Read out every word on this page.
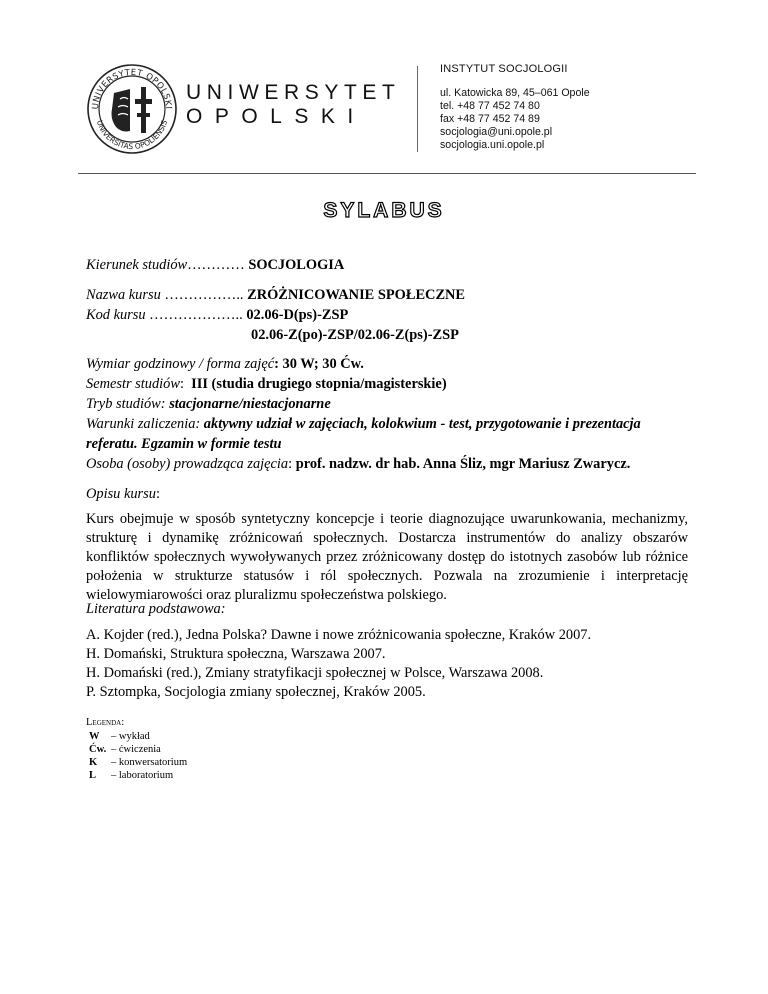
UNIVERSYTET OPOLSKI
UNIVERSITAS OPOLIENSIS
UNIWERSYTET
OPOLSKI
INSTYTUT SOCJOLOGII
ul. Katowicka 89, 45–061 Opole
tel. +48 77 452 74 80
fax +48 77 452 74 89
socjologia@uni.opole.pl
socjologia.uni.opole.pl
SYLABUS
Kierunek studiów………… SOCJOLOGIA
Nazwa kursu …………….. ZRÓŻNICOWANIE SPOŁECZNE
Kod kursu ……………….. 02.06-D(ps)-ZSP
02.06-Z(po)-ZSP/02.06-Z(ps)-ZSP
Wymiar godzinowy / forma zajęć: 30 W; 30 Ćw.
Semestr studiów:  III (studia drugiego stopnia/magisterskie)
Tryb studiów: stacjonarne/niestacjonarne
Warunki zaliczenia: aktywny udział w zajęciach, kolokwium - test, przygotowanie i prezentacja
referatu. Egzamin w formie testu
Osoba (osoby) prowadząca zajęcia: prof. nadzw. dr hab. Anna Śliz, mgr Mariusz Zwarycz.
Opisu kursu:
Kurs obejmuje w sposób syntetyczny koncepcje i teorie diagnozujące uwarunkowania, mechanizmy, strukturę i dynamikę zróżnicowań społecznych. Dostarcza instrumentów do analizy obszarów konfliktów społecznych wywoływanych przez zróżnicowany dostęp do istotnych zasobów lub różnice położenia w strukturze statusów i ról społecznych. Pozwala na zrozumienie i interpretację wielowymiarowości oraz pluralizmu społeczeństwa polskiego.
Literatura podstawowa:
A. Kojder (red.), Jedna Polska? Dawne i nowe zróżnicowania społeczne, Kraków 2007.
H. Domański, Struktura społeczna, Warszawa 2007.
H. Domański (red.), Zmiany stratyfikacji społecznej w Polsce, Warszawa 2008.
P. Sztompka, Socjologia zmiany społecznej, Kraków 2005.
Legenda:
W	– wykład
Ćw.	– ćwiczenia
K	– konwersatorium
L	– laboratorium
